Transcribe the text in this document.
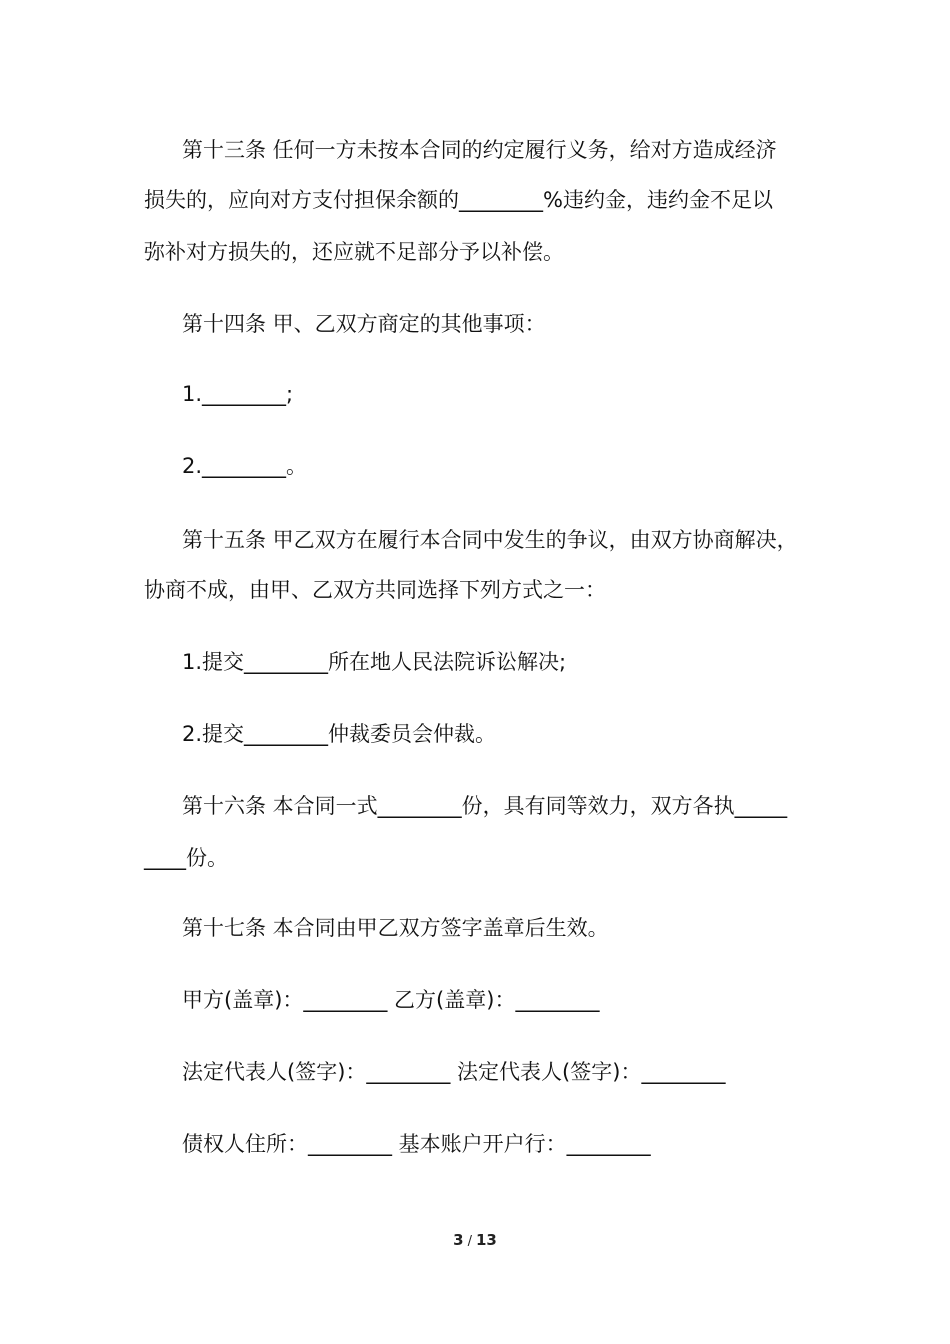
第十三条 任何一方未按本合同的约定履行义务，给对方造成经济
损失的，应向对方支付担保余额的________%违约金，违约金不足以
弥补对方损失的，还应就不足部分予以补偿。
第十四条 甲、乙双方商定的其他事项：
1.________;
2.________。
第十五条 甲乙双方在履行本合同中发生的争议，由双方协商解决，
协商不成，由甲、乙双方共同选择下列方式之一：
1.提交________所在地人民法院诉讼解决;
2.提交________仲裁委员会仲裁。
第十六条 本合同一式________份，具有同等效力，双方各执_____
____份。
第十七条 本合同由甲乙双方签字盖章后生效。
甲方(盖章)：________ 乙方(盖章)：________
法定代表人(签字)：________ 法定代表人(签字)：________
债权人住所：________ 基本账户开户行：________
3 / 13
